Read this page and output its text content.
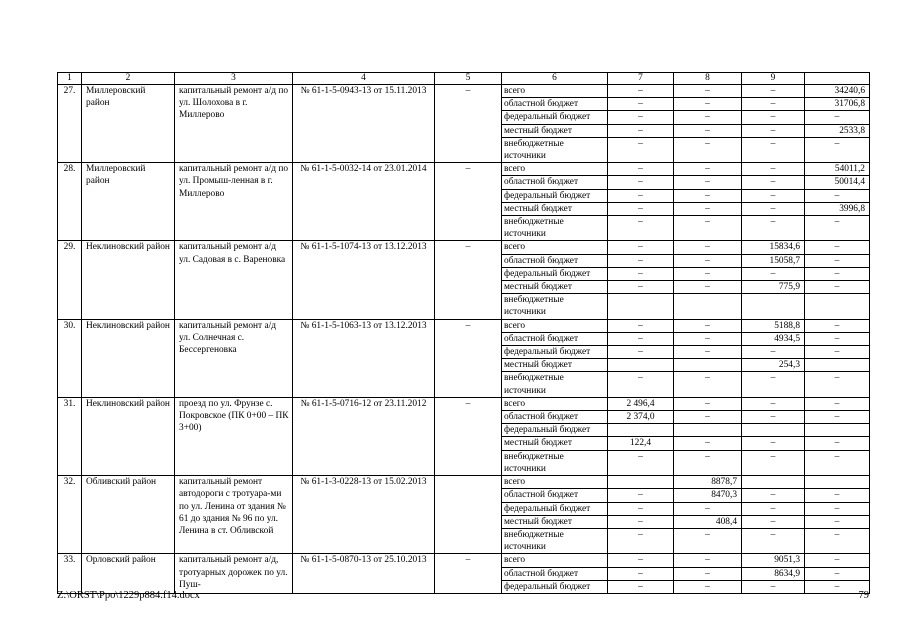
1	2	3	4	5	6	7	8	9	
27.	Миллеровский район	капитальный ремонт а/д по ул. Шолохова в г. Миллерово	№ 61-1-5-0943-13 от 15.11.2013	–	всего	–	–	–	34240,6
					областной бюджет	–	–	–	31706,8
					федеральный бюджет	–	–	–	–
					местный бюджет	–	–	–	2533,8
					внебюджетные источники	–	–	–	–
28.	Миллеровский район	капитальный ремонт а/д по ул. Промыш-ленная в г. Миллерово	№ 61-1-5-0032-14 от 23.01.2014	–	всего	–	–	–	54011,2
					областной бюджет	–	–	–	50014,4
					федеральный бюджет	–	–	–	–
					местный бюджет	–	–	–	3996,8
					внебюджетные источники	–	–	–	–
29.	Неклиновский район	капитальный ремонт а/д ул. Садовая в с. Вареновка	№ 61-1-5-1074-13 от 13.12.2013	–	всего	–	–	15834,6	–
					областной бюджет	–	–	15058,7	–
					федеральный бюджет	–	–	–	–
					местный бюджет	–	–	775,9	–
					внебюджетные источники				
30.	Неклиновский район	капитальный ремонт а/д ул. Солнечная с. Бессергеновка	№ 61-1-5-1063-13 от 13.12.2013	–	всего	–	–	5188,8	–
					областной бюджет	–	–	4934,5	–
					федеральный бюджет	–	–	–	–
					местный бюджет			254,3	
					внебюджетные источники	–	–	–	–
31.	Неклиновский район	проезд по ул. Фрунзе с. Покровское (ПК 0+00 – ПК 3+00)	№ 61-1-5-0716-12 от 23.11.2012	–	всего	2 496,4	–	–	–
					областной бюджет	2 374,0	–	–	–
					федеральный бюджет				
					местный бюджет	122,4	–	–	–
					внебюджетные источники	–	–	–	–
32.	Обливский район	капитальный ремонт автодороги с тротуара-ми по ул. Ленина от здания № 61 до здания № 96 по ул. Ленина в ст. Обливской	№ 61-1-3-0228-13 от 15.02.2013		всего		8878,7		
					областной бюджет	–	8470,3	–	–
					федеральный бюджет	–	–	–	–
					местный бюджет	–	408,4	–	–
					внебюджетные источники	–	–	–	–
33.	Орловский район	капитальный ремонт а/д, тротуарных дорожек по ул. Пуш-	№ 61-1-5-0870-13 от 25.10.2013	–	всего	–	–	9051,3	–
					областной бюджет	–	–	8634,9	–
					федеральный бюджет	–	–	–	–
Z:\ORST\Ppo\1229p884.f14.docx	79
